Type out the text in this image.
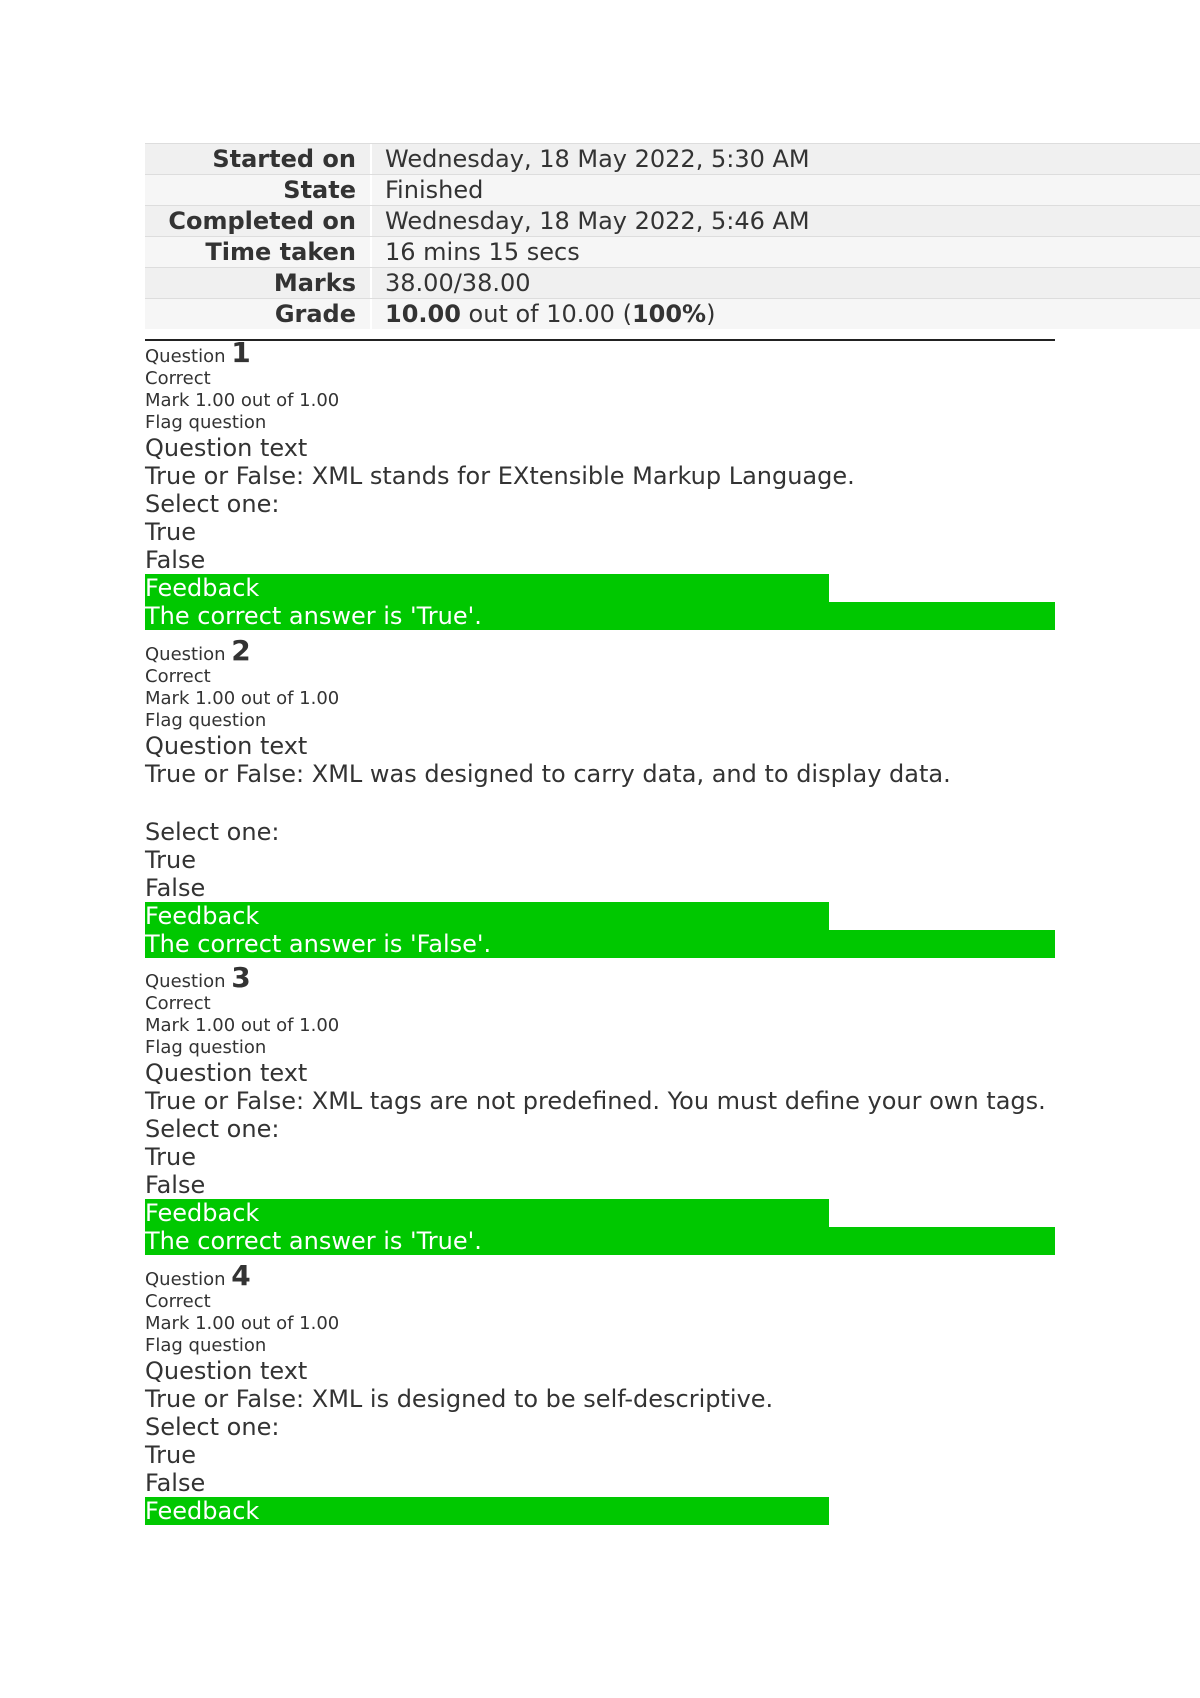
Started on	Wednesday, 18 May 2022, 5:30 AM
State	Finished
Completed on	Wednesday, 18 May 2022, 5:46 AM
Time taken	16 mins 15 secs
Marks	38.00/38.00
Grade	10.00 out of 10.00 (100%)
Question 1
Correct
Mark 1.00 out of 1.00
Flag question
Question text
True or False: XML stands for EXtensible Markup Language.
Select one:
True
False
Feedback
The correct answer is 'True'.
Question 2
Correct
Mark 1.00 out of 1.00
Flag question
Question text
True or False: XML was designed to carry data, and to display data.
Select one:
True
False
Feedback
The correct answer is 'False'.
Question 3
Correct
Mark 1.00 out of 1.00
Flag question
Question text
True or False: XML tags are not predefined. You must define your own tags.
Select one:
True
False
Feedback
The correct answer is 'True'.
Question 4
Correct
Mark 1.00 out of 1.00
Flag question
Question text
True or False: XML is designed to be self-descriptive.
Select one:
True
False
Feedback
